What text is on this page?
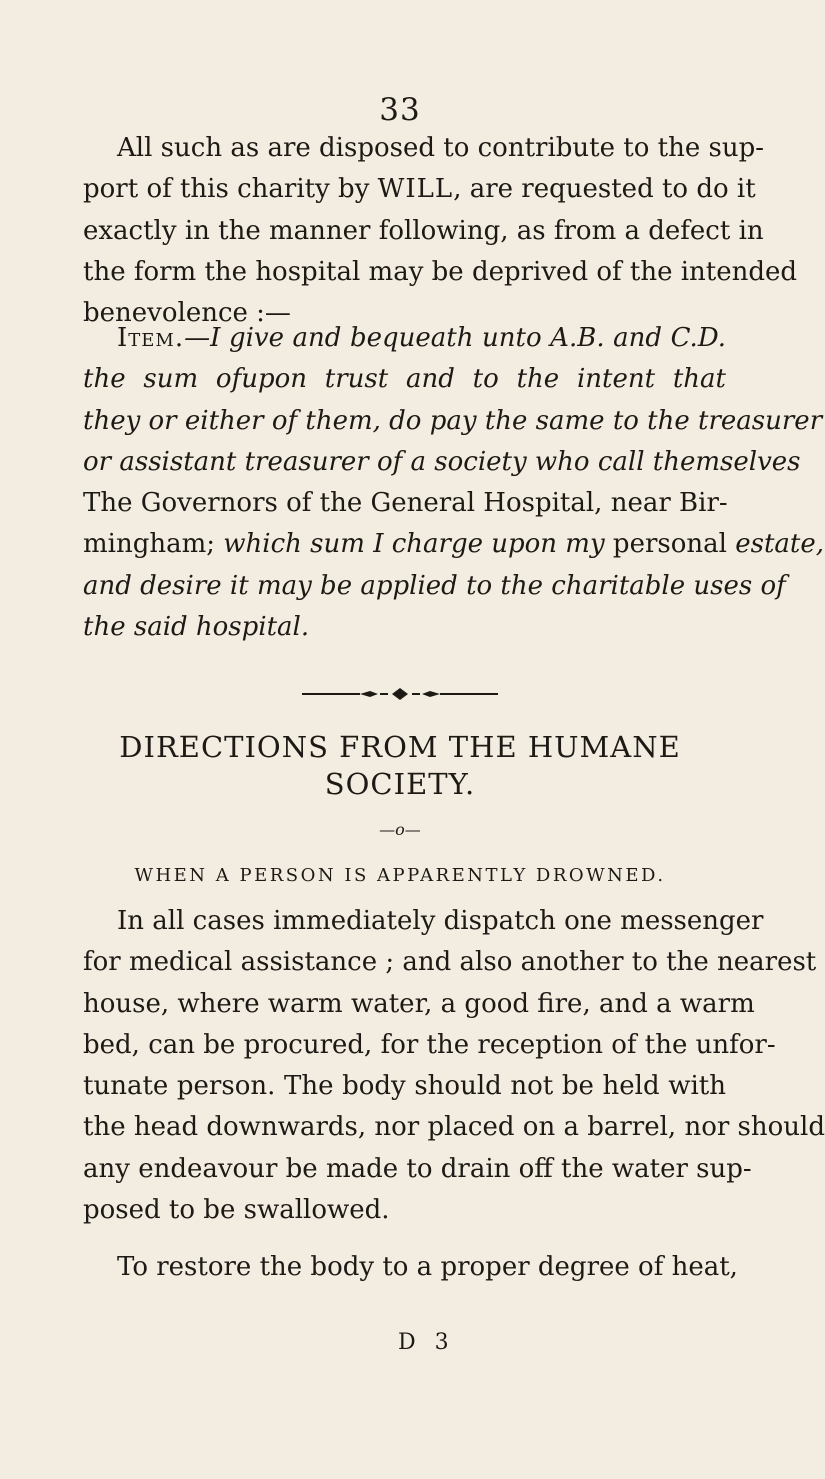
33
All such as are disposed to contribute to the sup-
port of this charity by WILL, are requested to do it
exactly in the manner following, as from a defect in
the form the hospital may be deprived of the intended
benevolence :—
Item.—I give and bequeath unto A.B. and C.D.
the sum ofupon trust and to the intent that
they or either of them, do pay the same to the treasurer
or assistant treasurer of a society who call themselves
The Governors of the General Hospital, near Bir-
mingham; which sum I charge upon my personal estate,
and desire it may be applied to the charitable uses of
the said hospital.
DIRECTIONS FROM THE HUMANE
SOCIETY.
—o—
WHEN A PERSON IS APPARENTLY DROWNED.
In all cases immediately dispatch one messenger
for medical assistance ; and also another to the nearest
house, where warm water, a good fire, and a warm
bed, can be procured, for the reception of the unfor-
tunate person. The body should not be held with
the head downwards, nor placed on a barrel, nor should
any endeavour be made to drain off the water sup-
posed to be swallowed.
To restore the body to a proper degree of heat,
D 3
